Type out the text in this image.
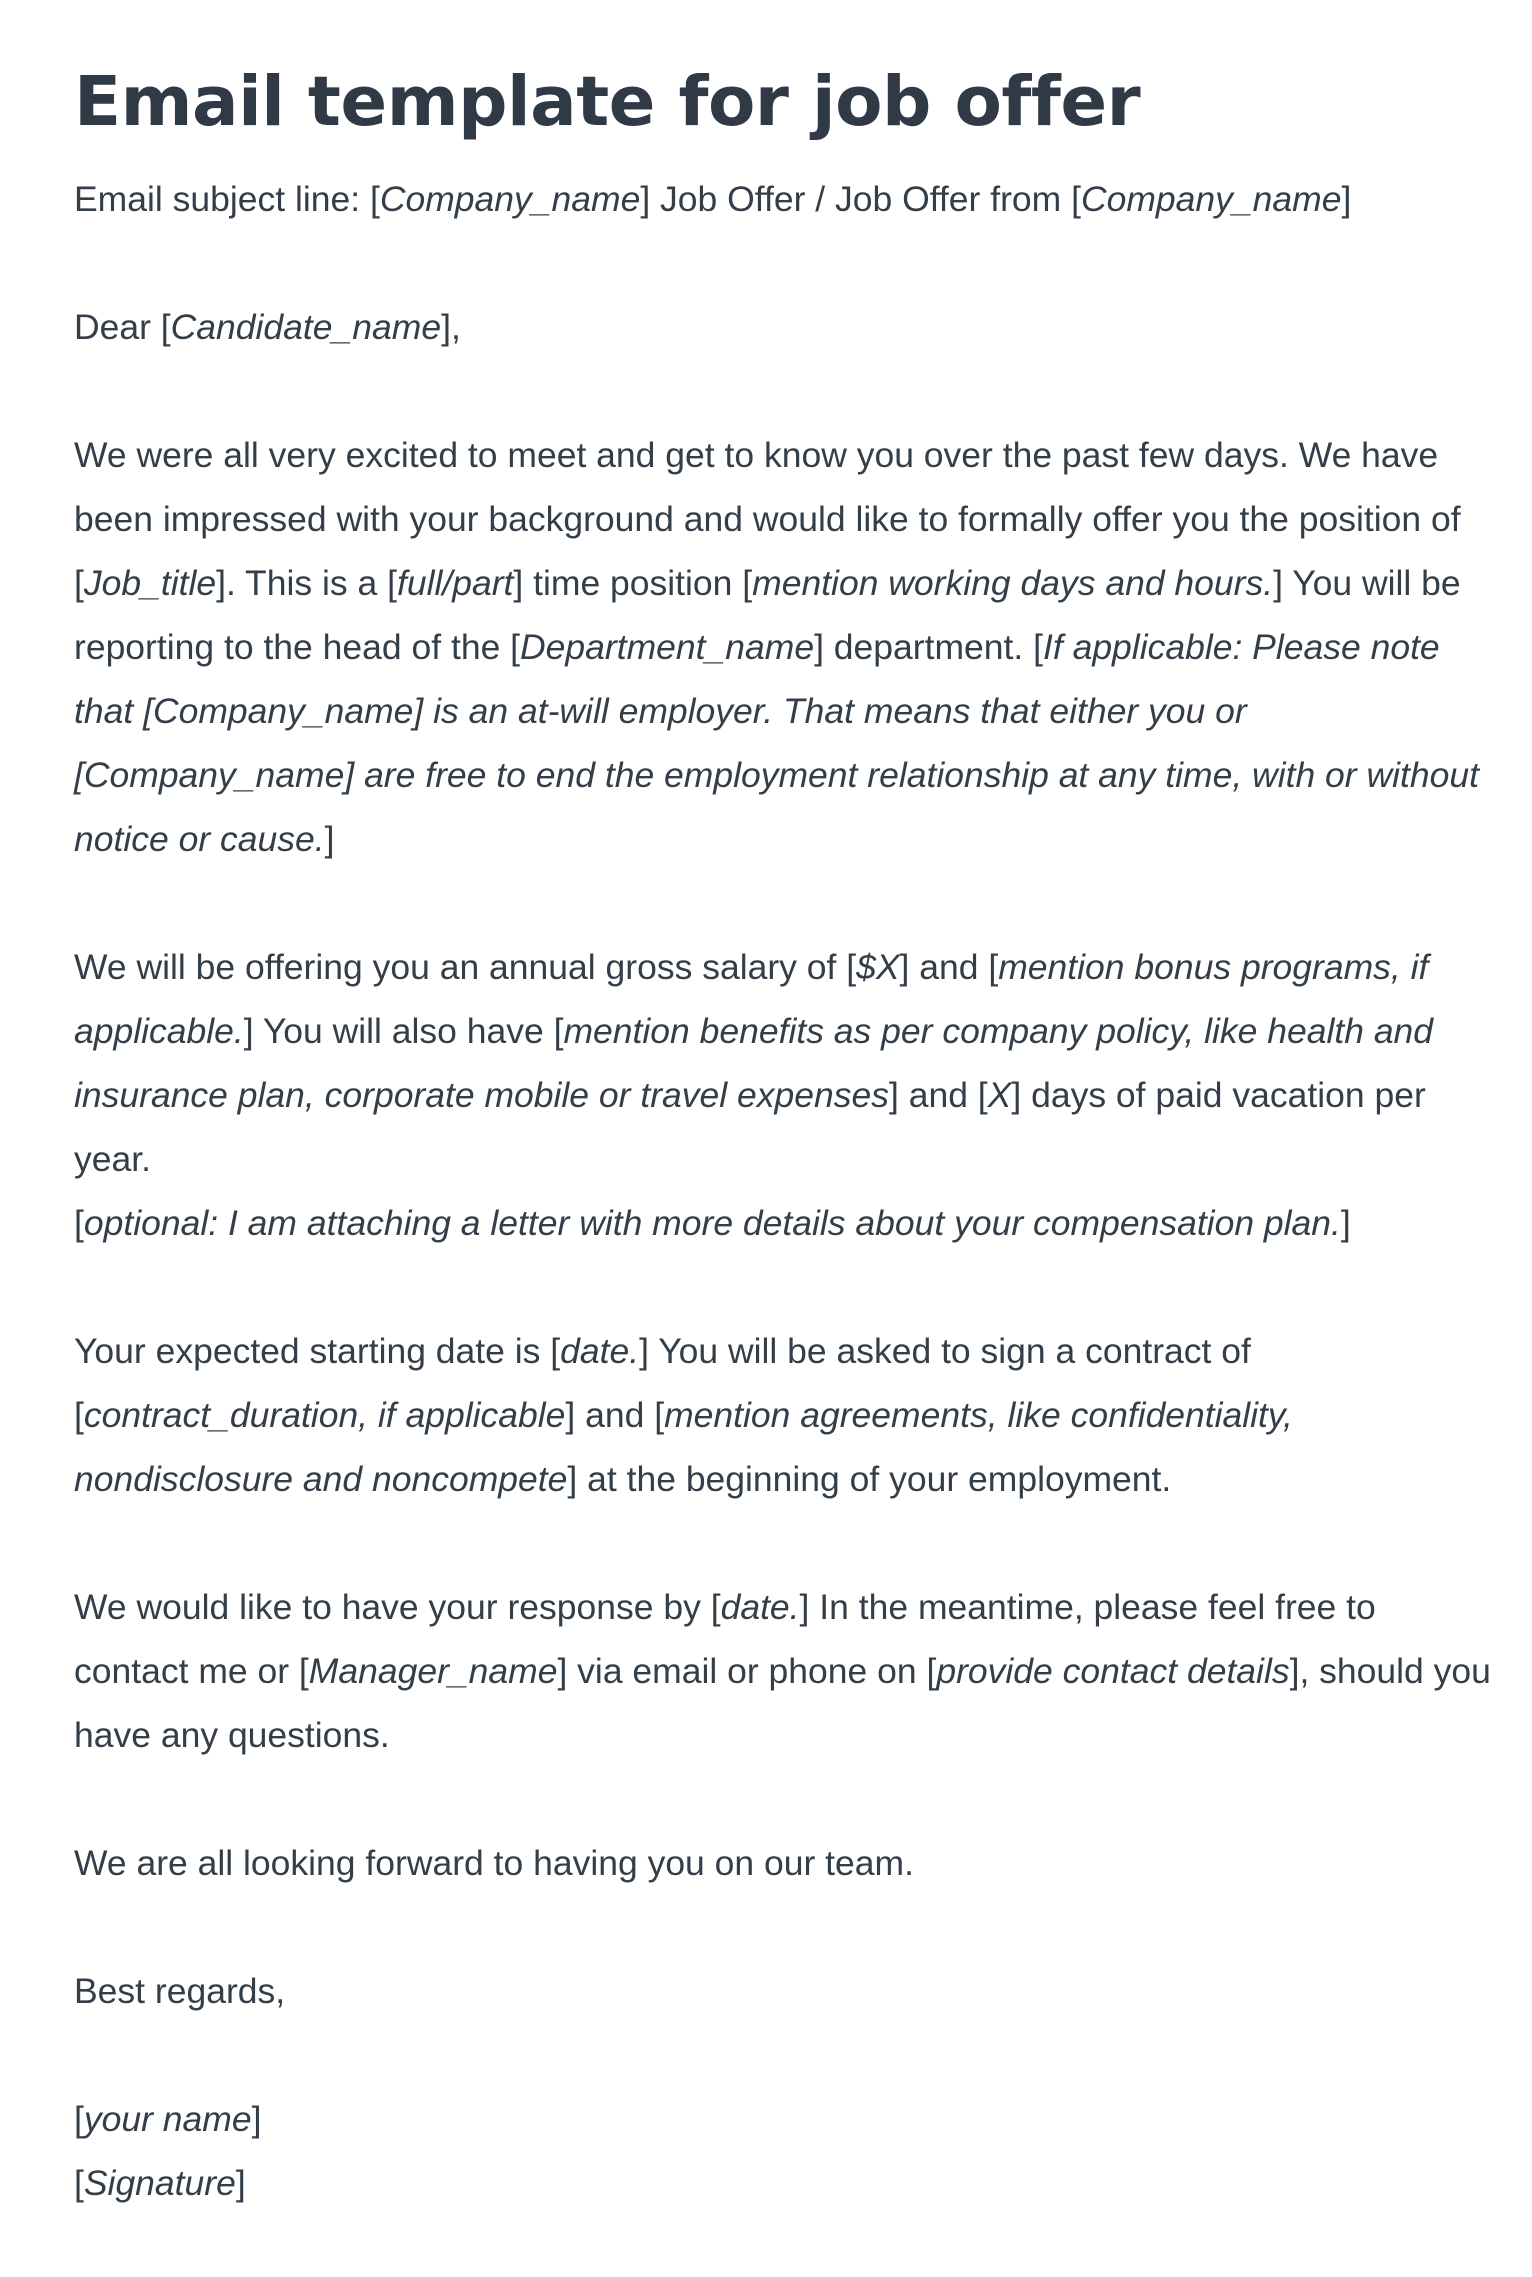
Email template for job offer

Email subject line: [Company_name] Job Offer / Job Offer from [Company_name]

Dear [Candidate_name],

We were all very excited to meet and get to know you over the past few days. We have been impressed with your background and would like to formally offer you the position of [Job_title]. This is a [full/part] time position [mention working days and hours.] You will be reporting to the head of the [Department_name] department. [If applicable: Please note that [Company_name] is an at-will employer. That means that either you or [Company_name] are free to end the employment relationship at any time, with or without notice or cause.]

We will be offering you an annual gross salary of [$X] and [mention bonus programs, if applicable.] You will also have [mention benefits as per company policy, like health and insurance plan, corporate mobile or travel expenses] and [X] days of paid vacation per year.

[optional: I am attaching a letter with more details about your compensation plan.]

Your expected starting date is [date.] You will be asked to sign a contract of [contract_duration, if applicable] and [mention agreements, like confidentiality, nondisclosure and noncompete] at the beginning of your employment.

We would like to have your response by [date.] In the meantime, please feel free to contact me or [Manager_name] via email or phone on [provide contact details], should you have any questions.

We are all looking forward to having you on our team.

Best regards,

[your name]

[Signature]
